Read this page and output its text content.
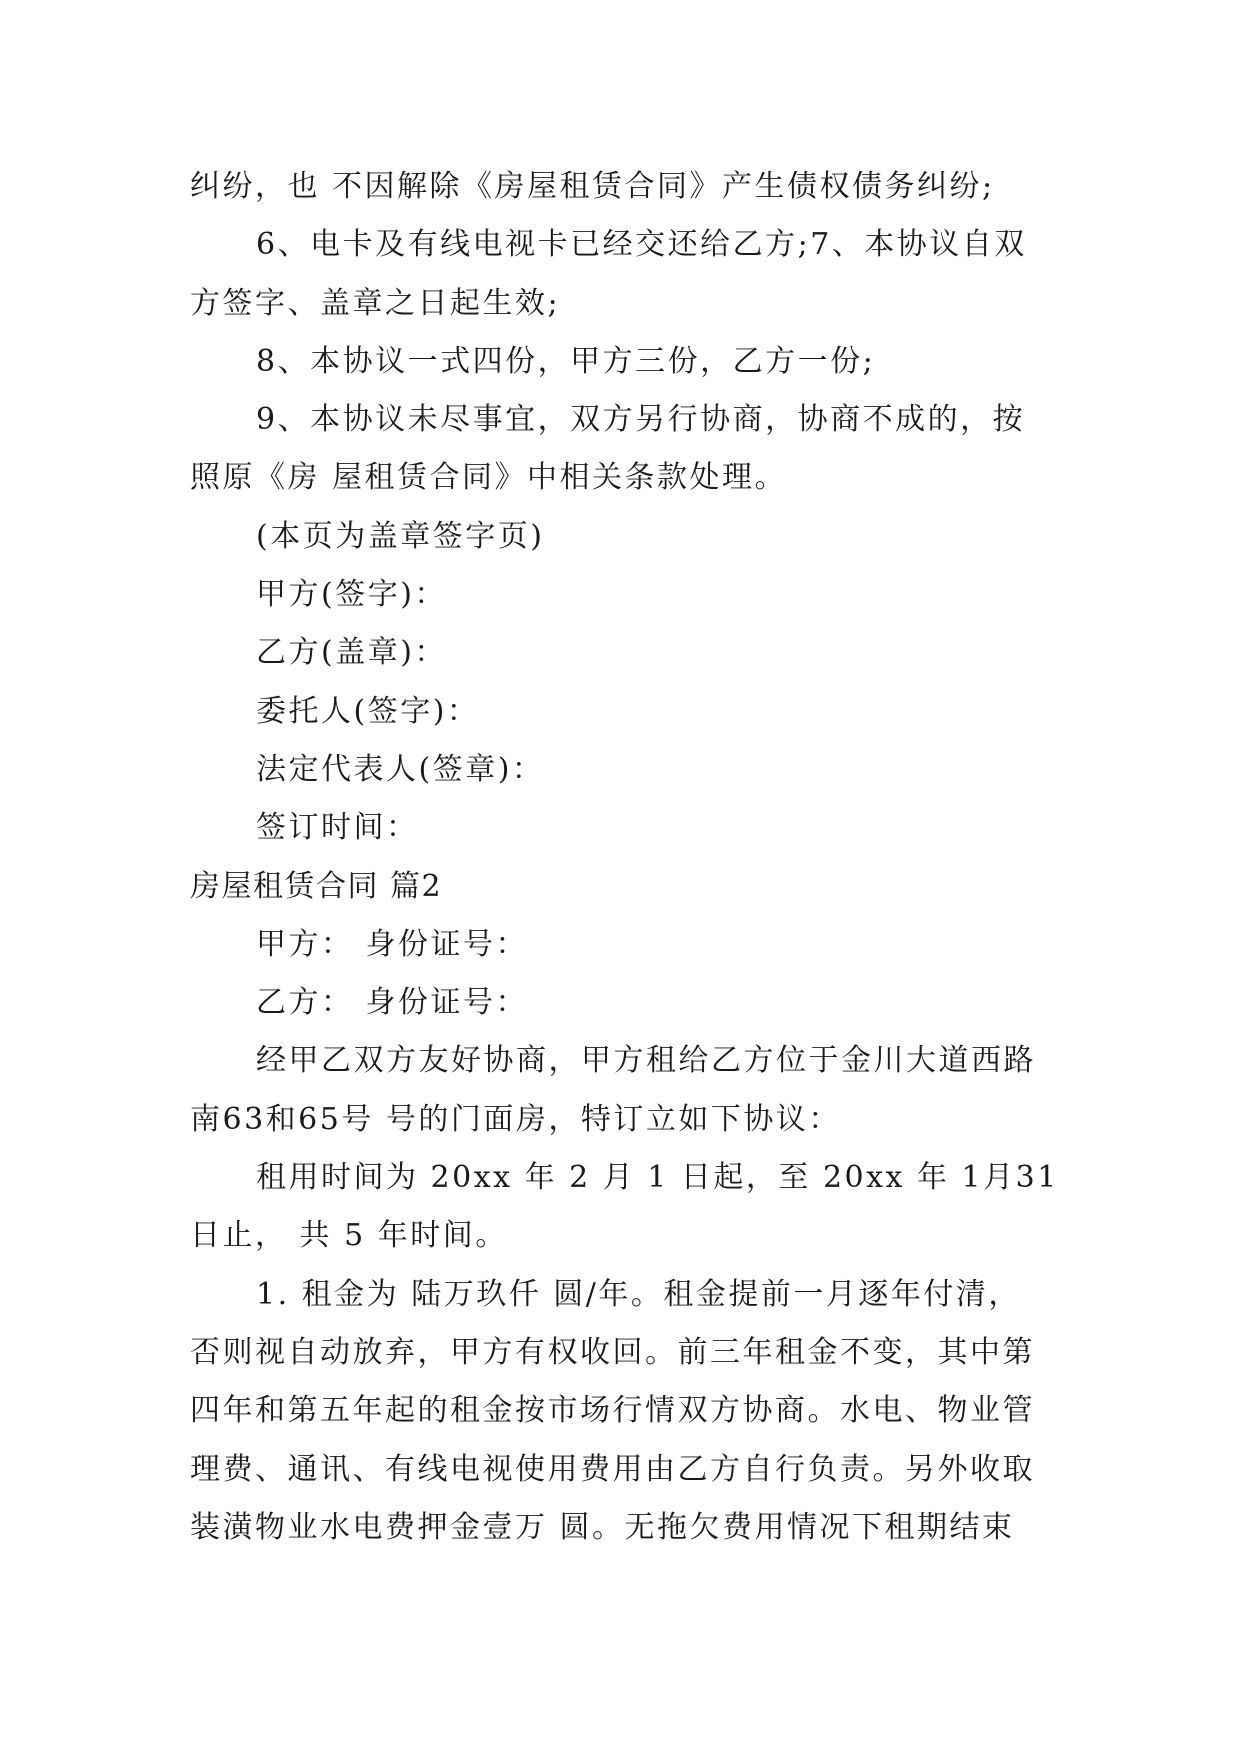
纠纷，也 不因解除《房屋租赁合同》产生债权债务纠纷;
6、电卡及有线电视卡已经交还给乙方;7、本协议自双
方签字、盖章之日起生效;
8、本协议一式四份，甲方三份，乙方一份;
9、本协议未尽事宜，双方另行协商，协商不成的，按
照原《房 屋租赁合同》中相关条款处理。
(本页为盖章签字页)
甲方(签字)：
乙方(盖章)：
委托人(签字)：
法定代表人(签章)：
签订时间：
房屋租赁合同 篇2
甲方： 身份证号：
乙方： 身份证号：
经甲乙双方友好协商，甲方租给乙方位于金川大道西路
南63和65号 号的门面房，特订立如下协议：
租用时间为 20xx 年 2 月 1 日起，至 20xx 年 1月31
日止， 共 5 年时间。
1. 租金为 陆万玖仟 圆/年。租金提前一月逐年付清，
否则视自动放弃，甲方有权收回。前三年租金不变，其中第
四年和第五年起的租金按市场行情双方协商。水电、物业管
理费、通讯、有线电视使用费用由乙方自行负责。另外收取
装潢物业水电费押金壹万 圆。无拖欠费用情况下租期结束
